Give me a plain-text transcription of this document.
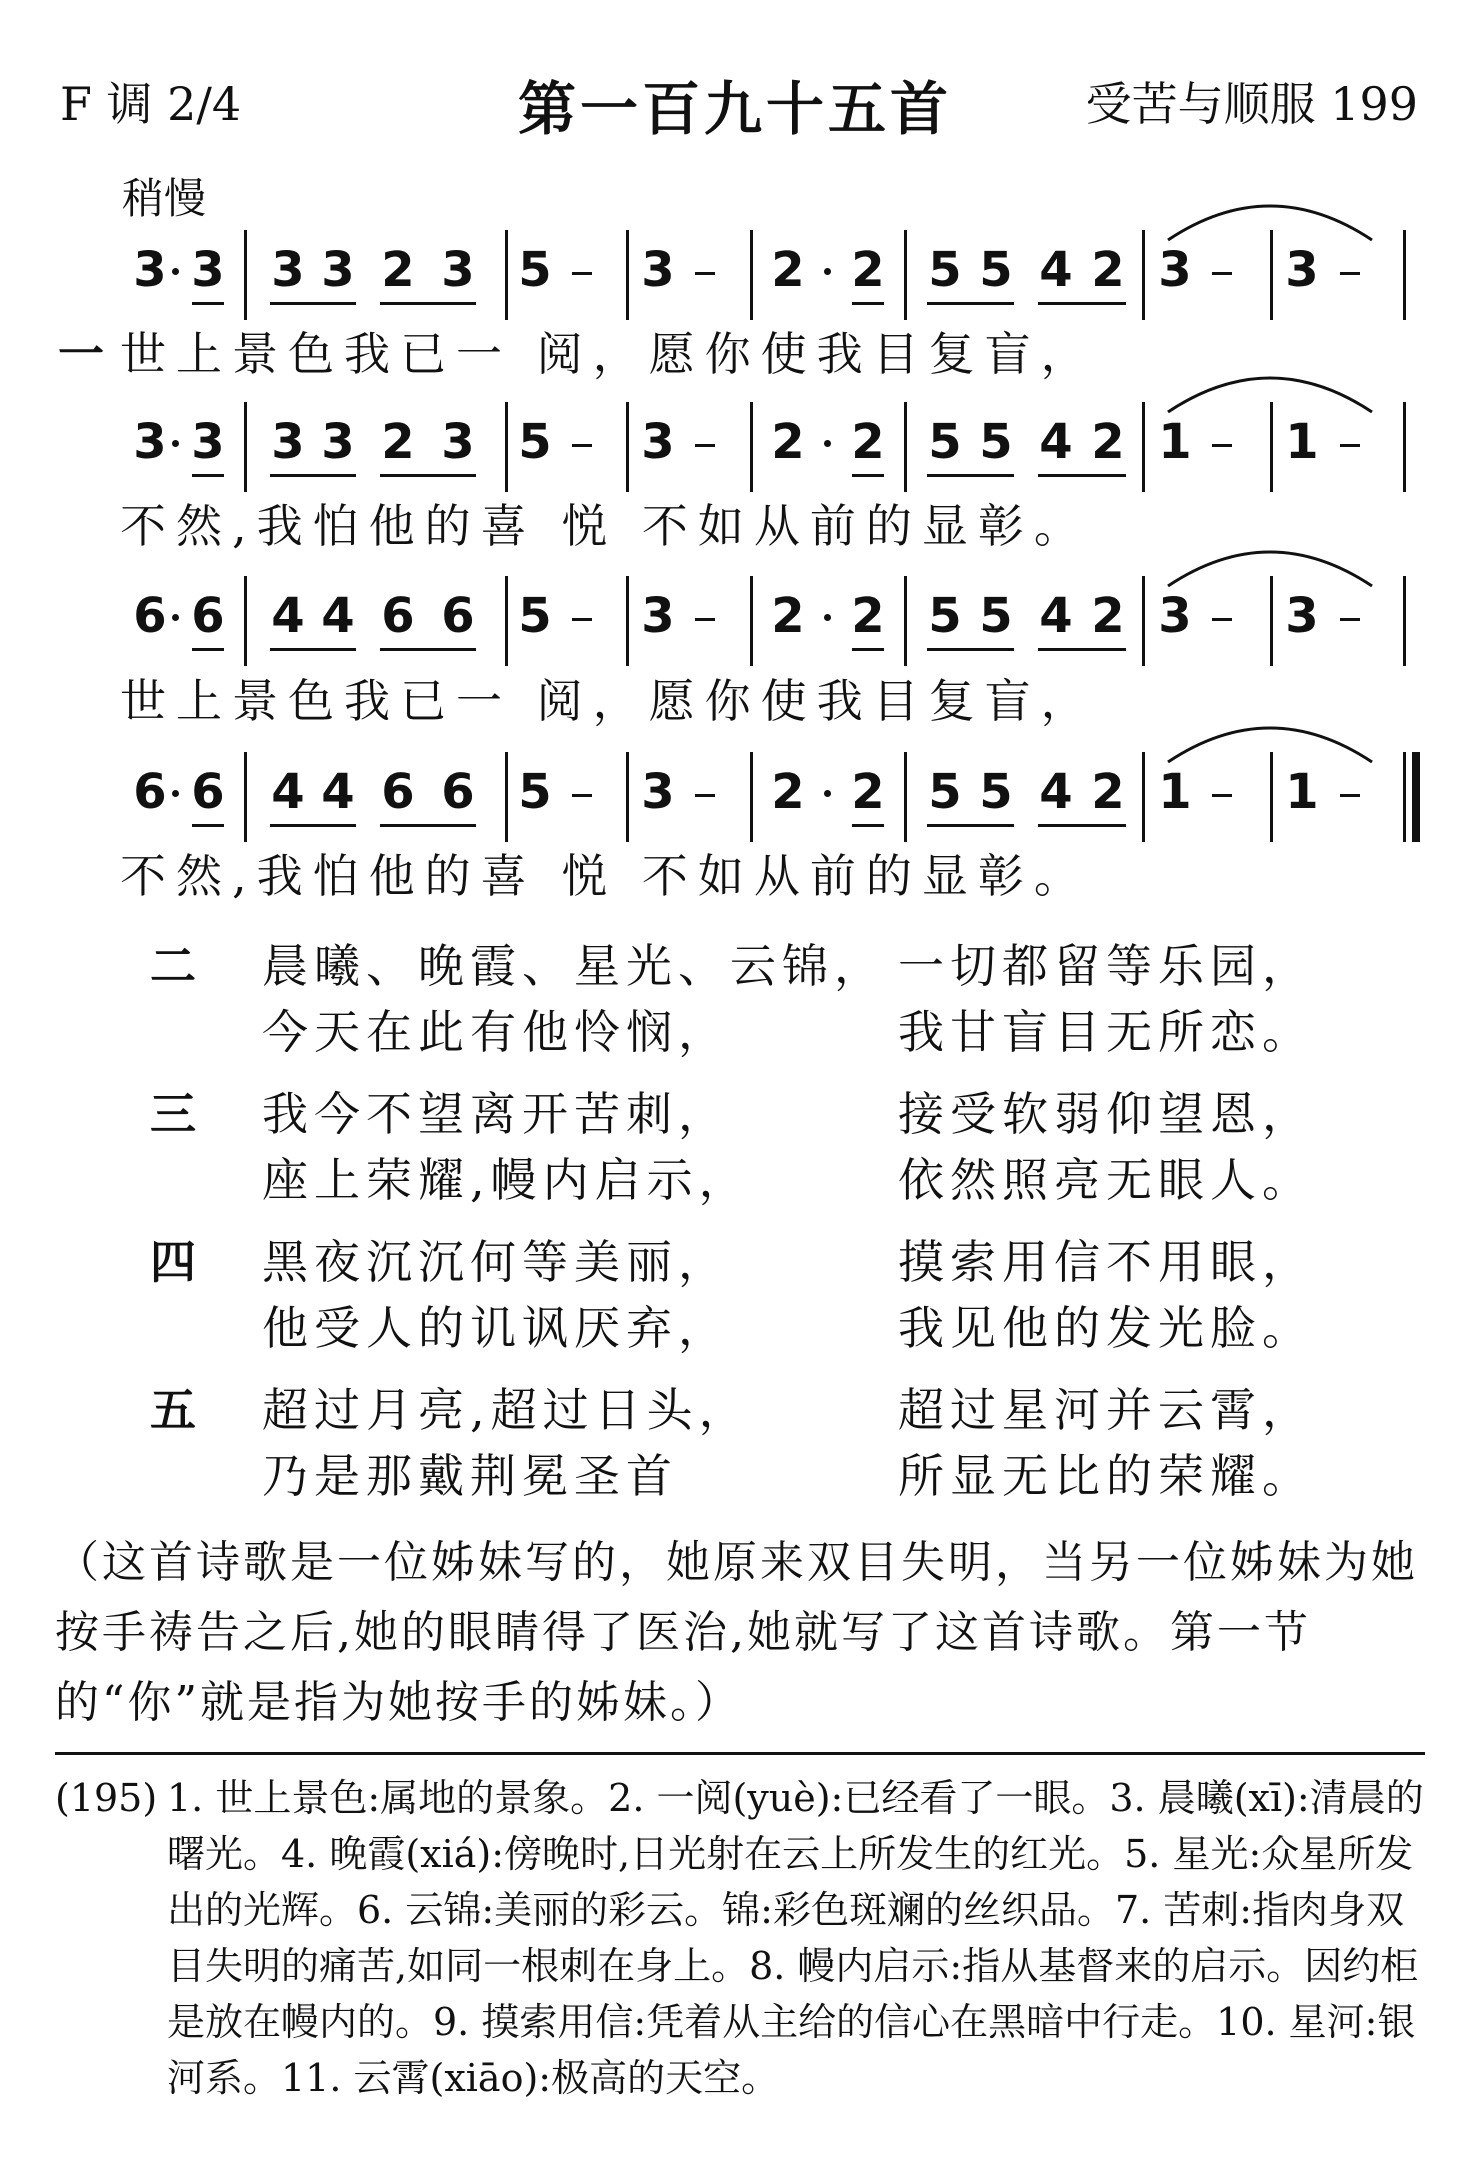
F 调 2/4	第一百九十五首	受苦与顺服 199
稍慢
3 3 3 3 2 3 5 3 2 2 5 5 4 2 3 3
一 世上景色我已一 阅，愿你使我目复盲，
3 3 3 3 2 3 5 3 2 2 5 5 4 2 1 1
不然,我怕他的喜 悦 不如从前的显彰。
6 6 4 4 6 6 5 3 2 2 5 5 4 2 3 3
世上景色我已一 阅，愿你使我目复盲，
6 6 4 4 6 6 5 3 2 2 5 5 4 2 1 1
不然,我怕他的喜 悦 不如从前的显彰。
二 晨曦、晚霞、星光、云锦， 一切都留等乐园，
今天在此有他怜悯，	我甘盲目无所恋。
三 我今不望离开苦刺，	接受软弱仰望恩，
座上荣耀,幔内启示，	依然照亮无眼人。
四 黑夜沉沉何等美丽，	摸索用信不用眼，
他受人的讥讽厌弃，	我见他的发光脸。
五 超过月亮,超过日头，	超过星河并云霄，
乃是那戴荆冕圣首	所显无比的荣耀。
（这首诗歌是一位姊妹写的，她原来双目失明，当另一位姊妹为她按手祷告之后,她的眼睛得了医治,她就写了这首诗歌。第一节的“你”就是指为她按手的姊妹。）
(195) 1. 世上景色:属地的景象。2. 一阅(yuè):已经看了一眼。3. 晨曦(xī):清晨的曙光。4. 晚霞(xiá):傍晚时,日光射在云上所发生的红光。5. 星光:众星所发出的光辉。6. 云锦:美丽的彩云。锦:彩色斑斓的丝织品。7. 苦刺:指肉身双目失明的痛苦,如同一根刺在身上。8. 幔内启示:指从基督来的启示。因约柜是放在幔内的。9. 摸索用信:凭着从主给的信心在黑暗中行走。10. 星河:银河系。11. 云霄(xiāo):极高的天空。
